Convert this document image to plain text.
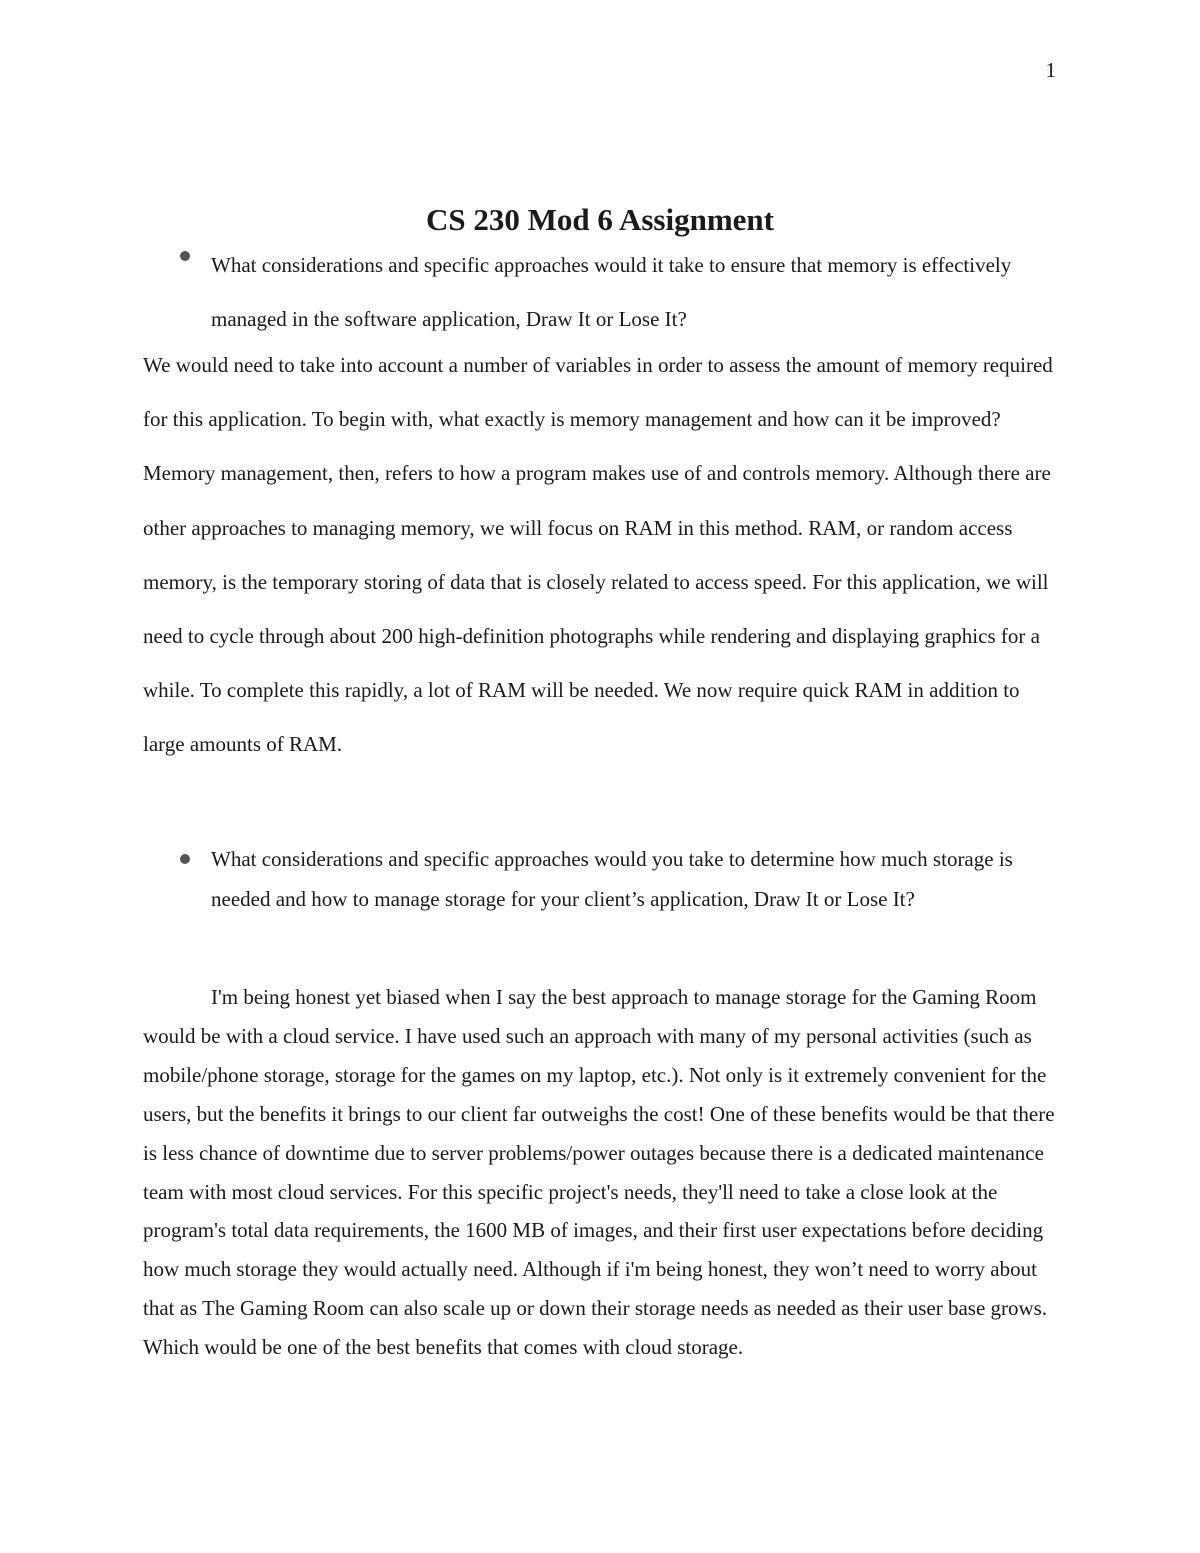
1
CS 230 Mod 6 Assignment

What considerations and specific approaches would it take to ensure that memory is effectively managed in the software application, Draw It or Lose It?

We would need to take into account a number of variables in order to assess the amount of memory required for this application. To begin with, what exactly is memory management and how can it be improved? Memory management, then, refers to how a program makes use of and controls memory. Although there are other approaches to managing memory, we will focus on RAM in this method. RAM, or random access memory, is the temporary storing of data that is closely related to access speed. For this application, we will need to cycle through about 200 high-definition photographs while rendering and displaying graphics for a while. To complete this rapidly, a lot of RAM will be needed. We now require quick RAM in addition to large amounts of RAM.

What considerations and specific approaches would you take to determine how much storage is needed and how to manage storage for your client’s application, Draw It or Lose It?

I'm being honest yet biased when I say the best approach to manage storage for the Gaming Room would be with a cloud service. I have used such an approach with many of my personal activities (such as mobile/phone storage, storage for the games on my laptop, etc.). Not only is it extremely convenient for the users, but the benefits it brings to our client far outweighs the cost! One of these benefits would be that there is less chance of downtime due to server problems/power outages because there is a dedicated maintenance team with most cloud services. For this specific project's needs, they'll need to take a close look at the program's total data requirements, the 1600 MB of images, and their first user expectations before deciding how much storage they would actually need. Although if i'm being honest, they won’t need to worry about that as The Gaming Room can also scale up or down their storage needs as needed as their user base grows. Which would be one of the best benefits that comes with cloud storage.
